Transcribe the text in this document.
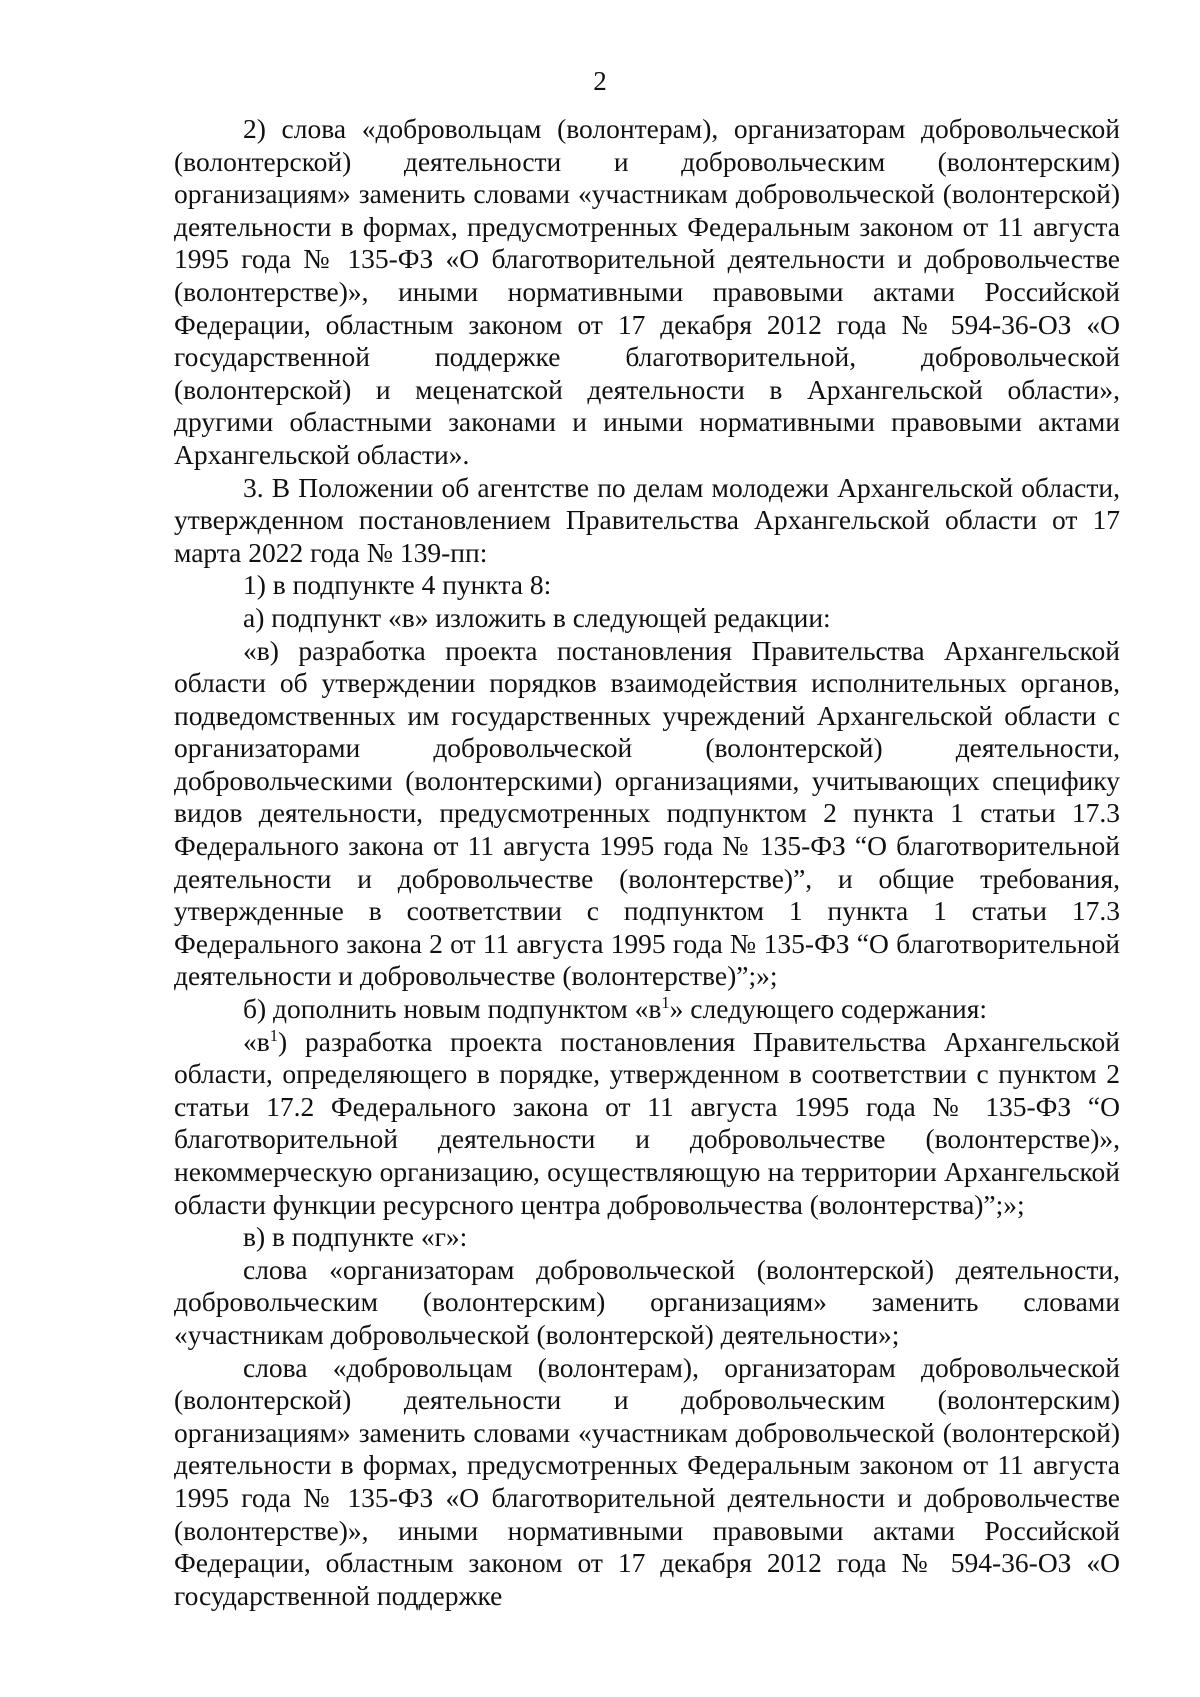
2

2) слова «добровольцам (волонтерам), организаторам добровольческой (волонтерской) деятельности и добровольческим (волонтерским) организациям» заменить словами «участникам добровольческой (волонтерской) деятельности в формах, предусмотренных Федеральным законом от 11 августа 1995 года № 135-ФЗ «О благотворительной деятельности и добровольчестве (волонтерстве)», иными нормативными правовыми актами Российской Федерации, областным законом от 17 декабря 2012 года № 594-36-ОЗ «О государственной поддержке благотворительной, добровольческой (волонтерской) и меценатской деятельности в Архангельской области», другими областными законами и иными нормативными правовыми актами Архангельской области».

3. В Положении об агентстве по делам молодежи Архангельской области, утвержденном постановлением Правительства Архангельской области от 17 марта 2022 года № 139-пп:

1) в подпункте 4 пункта 8:

а) подпункт «в» изложить в следующей редакции:

«в) разработка проекта постановления Правительства Архангельской области об утверждении порядков взаимодействия исполнительных органов, подведомственных им государственных учреждений Архангельской области с организаторами добровольческой (волонтерской) деятельности, добровольческими (волонтерскими) организациями, учитывающих специфику видов деятельности, предусмотренных подпунктом 2 пункта 1 статьи 17.3 Федерального закона от 11 августа 1995 года № 135-ФЗ “О благотворительной деятельности и добровольчестве (волонтерстве)”, и общие требования, утвержденные в соответствии с подпунктом 1 пункта 1 статьи 17.3 Федерального закона 2 от 11 августа 1995 года № 135-ФЗ “О благотворительной деятельности и добровольчестве (волонтерстве)”;»;

б) дополнить новым подпунктом «$в^1$» следующего содержания:

«$в^1$) разработка проекта постановления Правительства Архангельской области, определяющего в порядке, утвержденном в соответствии с пунктом 2 статьи 17.2 Федерального закона от 11 августа 1995 года № 135-ФЗ “О благотворительной деятельности и добровольчестве (волонтерстве)», некоммерческую организацию, осуществляющую на территории Архангельской области функции ресурсного центра добровольчества (волонтерства)”;»;

в) в подпункте «г»:

слова «организаторам добровольческой (волонтерской) деятельности, добровольческим (волонтерским) организациям» заменить словами «участникам добровольческой (волонтерской) деятельности»;

слова «добровольцам (волонтерам), организаторам добровольческой (волонтерской) деятельности и добровольческим (волонтерским) организациям» заменить словами «участникам добровольческой (волонтерской) деятельности в формах, предусмотренных Федеральным законом от 11 августа 1995 года № 135-ФЗ «О благотворительной деятельности и добровольчестве (волонтерстве)», иными нормативными правовыми актами Российской Федерации, областным законом от 17 декабря 2012 года № 594-36-ОЗ «О государственной поддержке
